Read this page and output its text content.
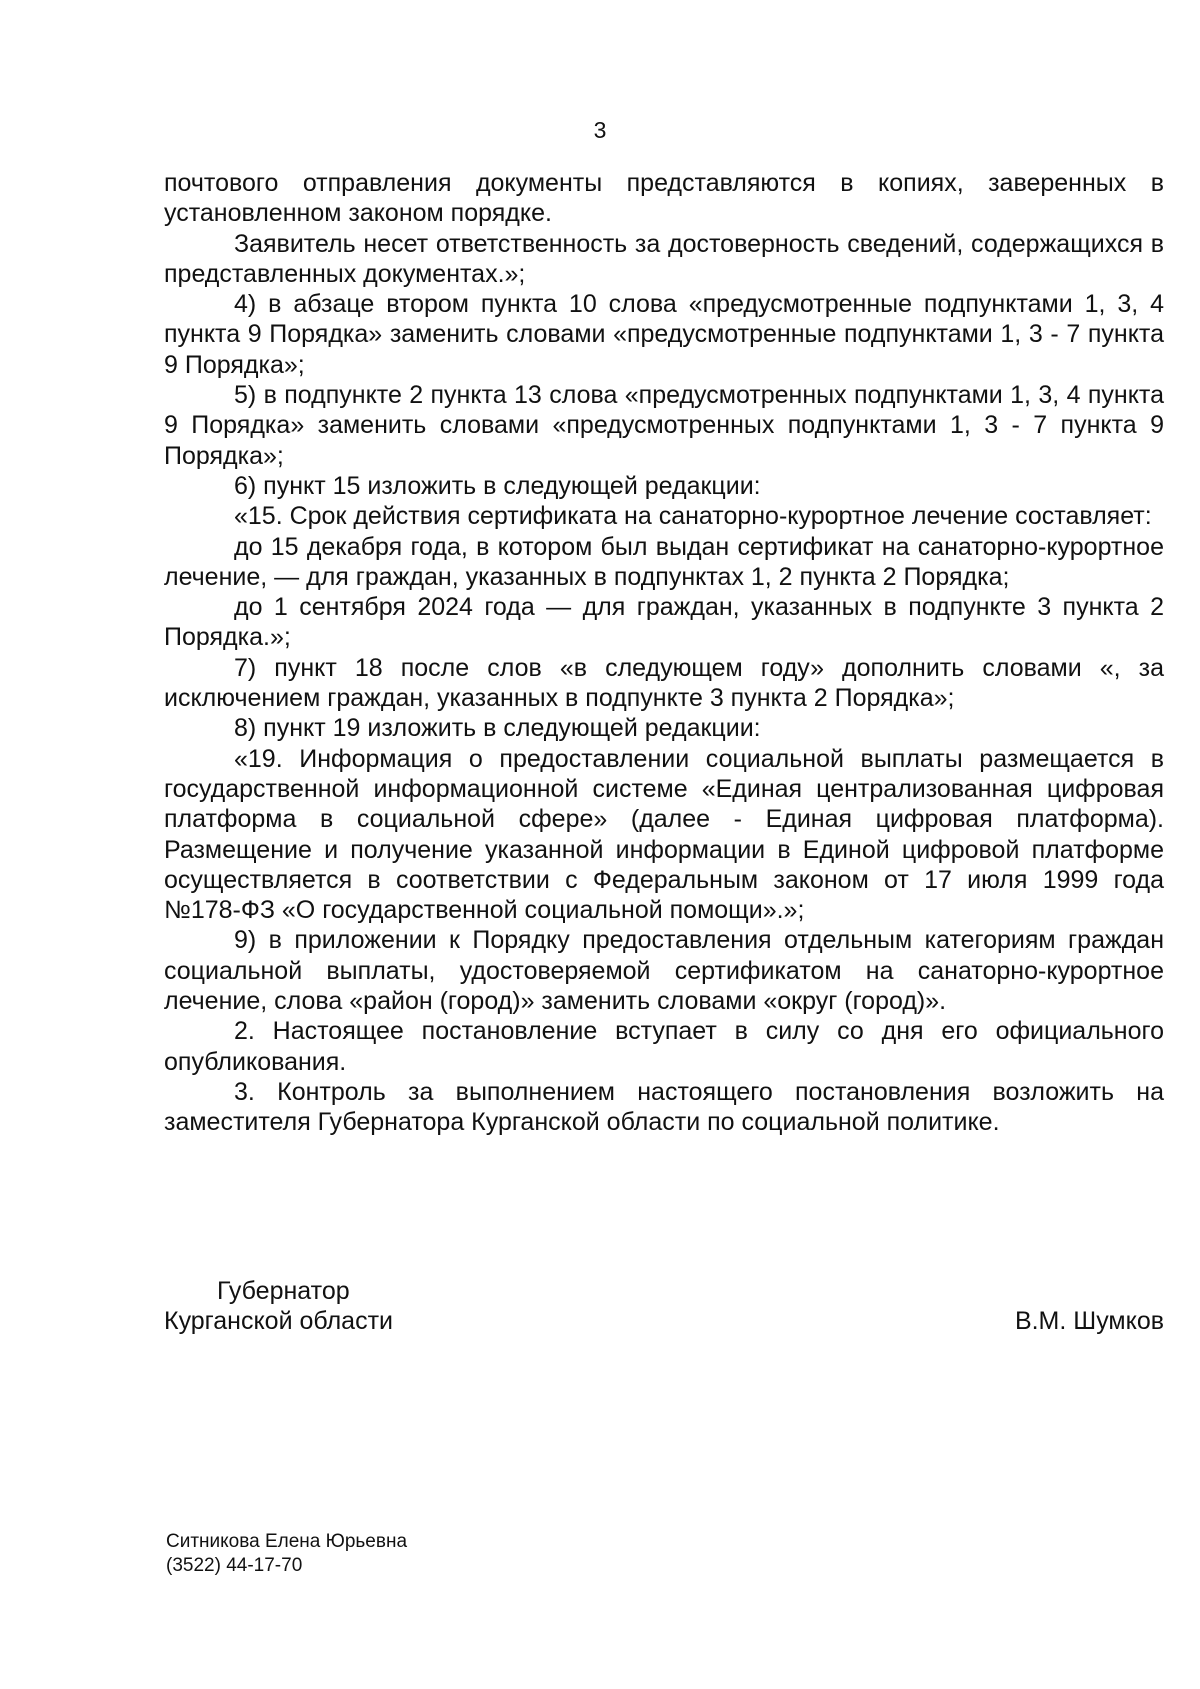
3

почтового отправления документы представляются в копиях, заверенных в установленном законом порядке.

Заявитель несет ответственность за достоверность сведений, содержащихся в представленных документах.»;

4) в абзаце втором пункта 10 слова «предусмотренные подпунктами 1, 3, 4 пункта 9 Порядка» заменить словами «предусмотренные подпунктами 1, 3 - 7 пункта 9 Порядка»;

5) в подпункте 2 пункта 13 слова «предусмотренных подпунктами 1, 3, 4 пункта 9 Порядка» заменить словами «предусмотренных подпунктами 1, 3 - 7 пункта 9 Порядка»;

6) пункт 15 изложить в следующей редакции:

«15. Срок действия сертификата на санаторно-курортное лечение составляет:

до 15 декабря года, в котором был выдан сертификат на санаторно-курортное лечение, — для граждан, указанных в подпунктах 1, 2 пункта 2 Порядка;

до 1 сентября 2024 года — для граждан, указанных в подпункте 3 пункта 2 Порядка.»;

7) пункт 18 после слов «в следующем году» дополнить словами «, за исключением граждан, указанных в подпункте 3 пункта 2 Порядка»;

8) пункт 19 изложить в следующей редакции:

«19. Информация о предоставлении социальной выплаты размещается в государственной информационной системе «Единая централизованная цифровая платформа в социальной сфере» (далее - Единая цифровая платформа). Размещение и получение указанной информации в Единой цифровой платформе осуществляется в соответствии с Федеральным законом от 17 июля 1999 года №178-ФЗ «О государственной социальной помощи».»;

9) в приложении к Порядку предоставления отдельным категориям граждан социальной выплаты, удостоверяемой сертификатом на санаторно-курортное лечение, слова «район (город)» заменить словами «округ (город)».

2. Настоящее постановление вступает в силу со дня его официального опубликования.

3. Контроль за выполнением настоящего постановления возложить на заместителя Губернатора Курганской области по социальной политике.

Губернатор
Курганской области	В.М. Шумков
Ситникова Елена Юрьевна
(3522) 44-17-70
